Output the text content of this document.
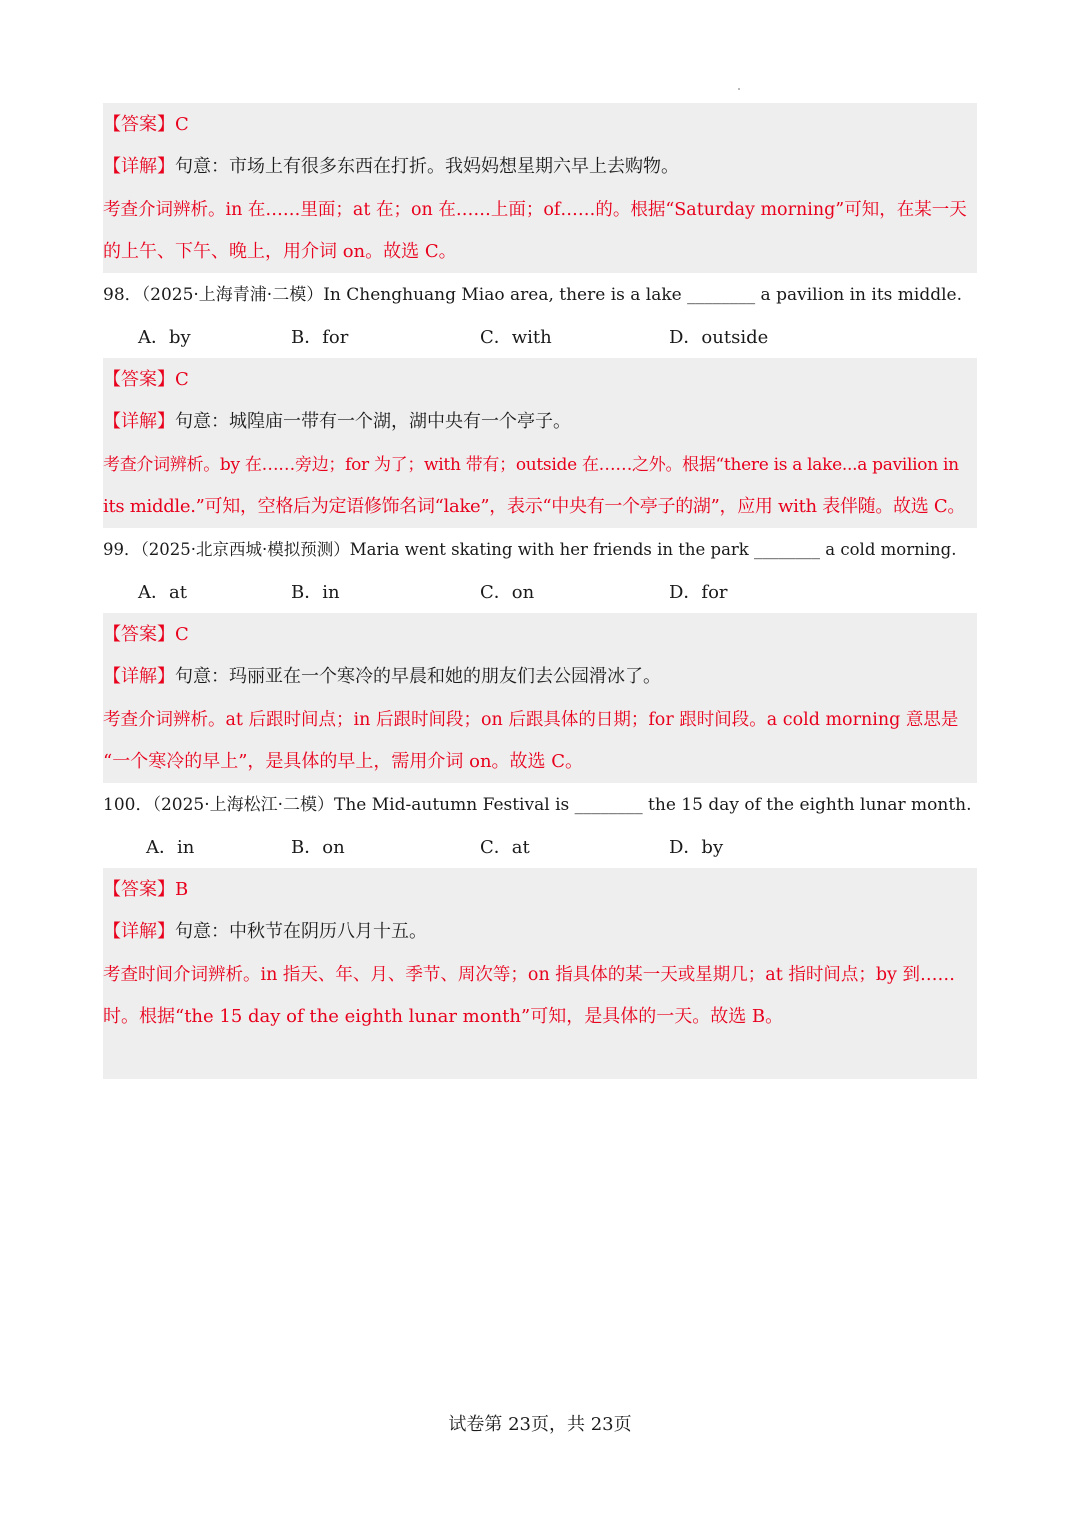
【答案】C
【详解】句意：市场上有很多东西在打折。我妈妈想星期六早上去购物。
考查介词辨析。in 在……里面；at 在；on 在……上面；of……的。根据“Saturday morning”可知，在某一天
的上午、下午、晚上，用介词 on。故选 C。
98．（2025·上海青浦·二模）In Chenghuang Miao area, there is a lake ________ a pavilion in its middle.
A．by	B．for	C．with	D．outside
【答案】C
【详解】句意：城隍庙一带有一个湖，湖中央有一个亭子。
考查介词辨析。by 在……旁边；for 为了；with 带有；outside 在……之外。根据“there is a lake...a pavilion in
its middle.”可知，空格后为定语修饰名词“lake”，表示“中央有一个亭子的湖”，应用 with 表伴随。故选 C。
99．（2025·北京西城·模拟预测）Maria went skating with her friends in the park ________ a cold morning.
A．at	B．in	C．on	D．for
【答案】C
【详解】句意：玛丽亚在一个寒冷的早晨和她的朋友们去公园滑冰了。
考查介词辨析。at 后跟时间点；in 后跟时间段；on 后跟具体的日期；for 跟时间段。a cold morning 意思是
“一个寒冷的早上”，是具体的早上，需用介词 on。故选 C。
100．（2025·上海松江·二模）The Mid-autumn Festival is ________ the 15 day of the eighth lunar month.
A．in	B．on	C．at	D．by
【答案】B
【详解】句意：中秋节在阴历八月十五。
考查时间介词辨析。in 指天、年、月、季节、周次等；on 指具体的某一天或星期几；at 指时间点；by 到……
时。根据“the 15 day of the eighth lunar month”可知，是具体的一天。故选 B。
试卷第 23页，共 23页
